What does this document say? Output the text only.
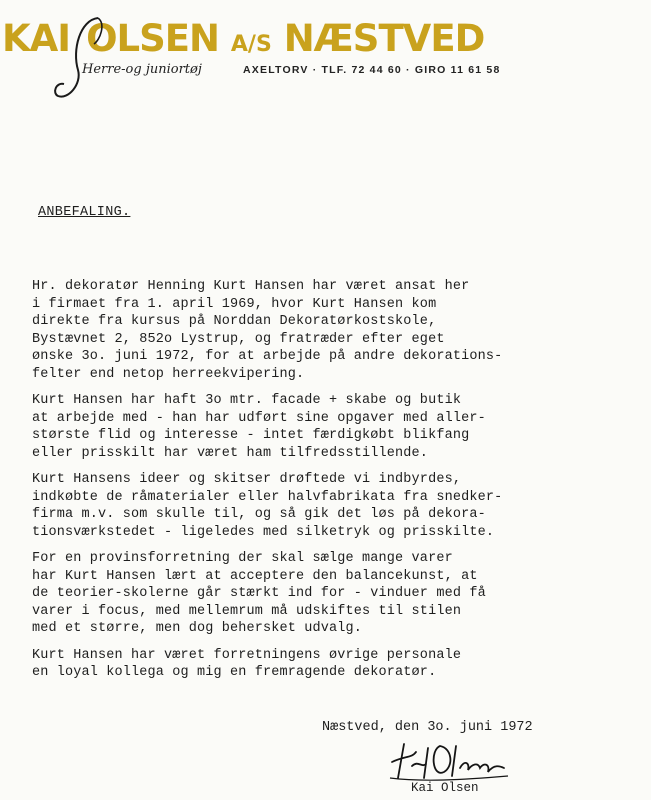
KAI OLSEN A/S NÆSTVED
Herre-og juniortøj	AXELTORV · TLF. 72 44 60 · GIRO 11 61 58
ANBEFALING.
Hr. dekoratør Henning Kurt Hansen har været ansat her
i firmaet fra 1. april 1969, hvor Kurt Hansen kom
direkte fra kursus på Norddan Dekoratørkostskole,
Bystævnet 2, 852o Lystrup, og fratræder efter eget
ønske 3o. juni 1972, for at arbejde på andre dekorations-
felter end netop herreekvipering.
Kurt Hansen har haft 3o mtr. facade + skabe og butik
at arbejde med - han har udført sine opgaver med aller-
største flid og interesse - intet færdigkøbt blikfang
eller prisskilt har været ham tilfredsstillende.
Kurt Hansens ideer og skitser drøftede vi indbyrdes,
indkøbte de råmaterialer eller halvfabrikata fra snedker-
firma m.v. som skulle til, og så gik det løs på dekora-
tionsværkstedet - ligeledes med silketryk og prisskilte.
For en provinsforretning der skal sælge mange varer
har Kurt Hansen lært at acceptere den balancekunst, at
de teorier-skolerne går stærkt ind for - vinduer med få
varer i focus, med mellemrum må udskiftes til stilen
med et større, men dog behersket udvalg.
Kurt Hansen har været forretningens øvrige personale
en loyal kollega og mig en fremragende dekoratør.
Næstved, den 3o. juni 1972
Kai Olsen
